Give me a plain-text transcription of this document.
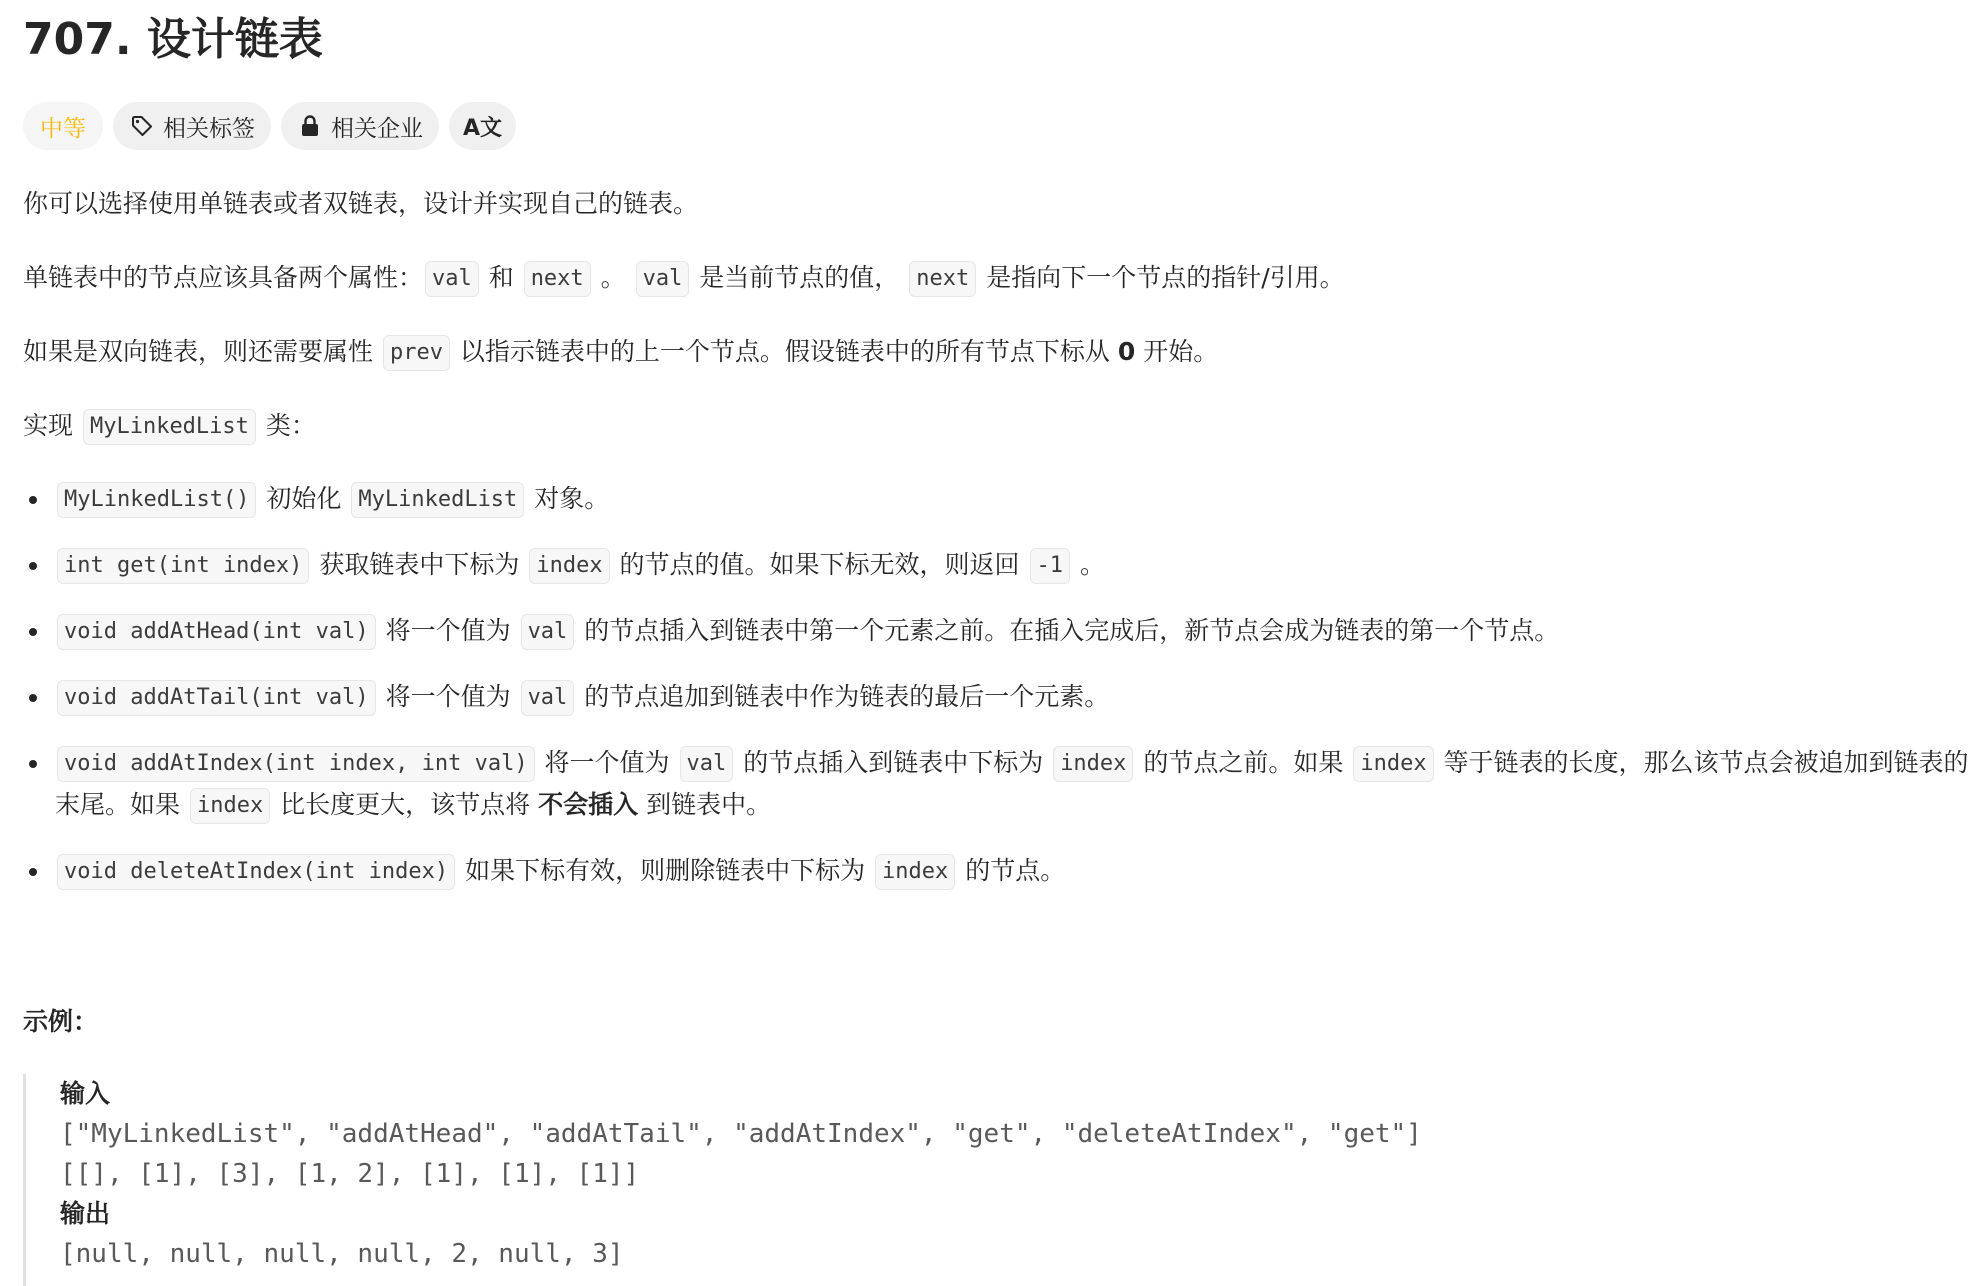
707. 设计链表
中等	相关标签	相关企业 A文

你可以选择使用单链表或者双链表，设计并实现自己的链表。

单链表中的节点应该具备两个属性： val 和 next 。 val 是当前节点的值， next 是指向下一个节点的指针/引用。

如果是双向链表，则还需要属性 prev 以指示链表中的上一个节点。假设链表中的所有节点下标从 0 开始。

实现 MyLinkedList 类：

MyLinkedList() 初始化 MyLinkedList 对象。
int get(int index) 获取链表中下标为 index 的节点的值。如果下标无效，则返回 -1 。
void addAtHead(int val) 将一个值为 val 的节点插入到链表中第一个元素之前。在插入完成后，新节点会成为链表的第一个节点。
void addAtTail(int val) 将一个值为 val 的节点追加到链表中作为链表的最后一个元素。
void addAtIndex(int index, int val) 将一个值为 val 的节点插入到链表中下标为 index 的节点之前。如果 index 等于链表的长度，那么该节点会被追加到链表的末尾。如果 index 比长度更大，该节点将 不会插入 到链表中。
void deleteAtIndex(int index) 如果下标有效，则删除链表中下标为 index 的节点。
示例：
输入
["MyLinkedList", "addAtHead", "addAtTail", "addAtIndex", "get", "deleteAtIndex", "get"]
[[], [1], [3], [1, 2], [1], [1], [1]]
输出
[null, null, null, null, 2, null, 3]
